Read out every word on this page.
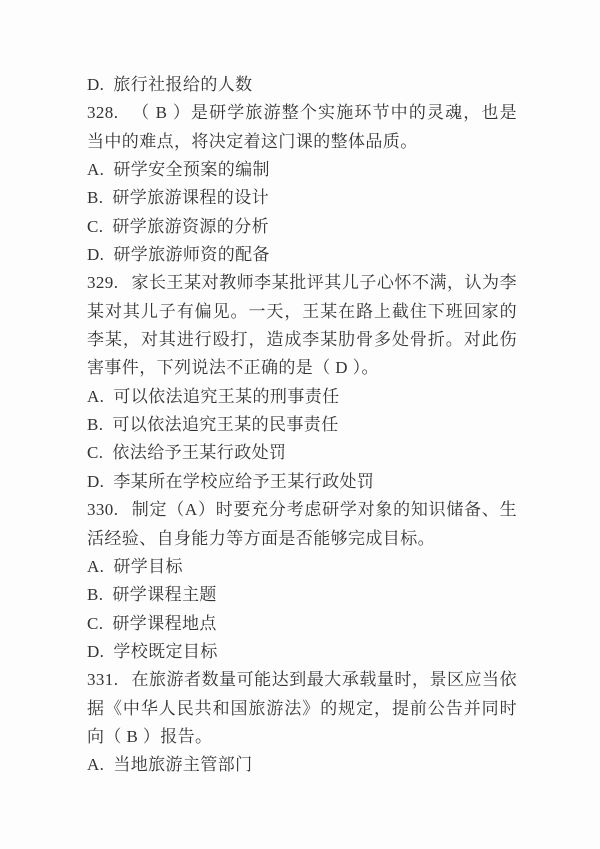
D. 旅行社报给的人数

328. （ B ）是研学旅游整个实施环节中的灵魂，也是当中的难点，将决定着这门课的整体品质。

A. 研学安全预案的编制

B. 研学旅游课程的设计

C. 研学旅游资源的分析

D. 研学旅游师资的配备

329. 家长王某对教师李某批评其儿子心怀不满，认为李某对其儿子有偏见。一天，王某在路上截住下班回家的李某，对其进行殴打，造成李某肋骨多处骨折。对此伤害事件，下列说法不正确的是（ D ）。

A. 可以依法追究王某的刑事责任

B. 可以依法追究王某的民事责任

C. 依法给予王某行政处罚

D. 李某所在学校应给予王某行政处罚

330. 制定（A）时要充分考虑研学对象的知识储备、生活经验、自身能力等方面是否能够完成目标。

A. 研学目标

B. 研学课程主题

C. 研学课程地点

D. 学校既定目标

331. 在旅游者数量可能达到最大承载量时，景区应当依据《中华人民共和国旅游法》的规定，提前公告并同时向（ B ）报告。

A. 当地旅游主管部门
